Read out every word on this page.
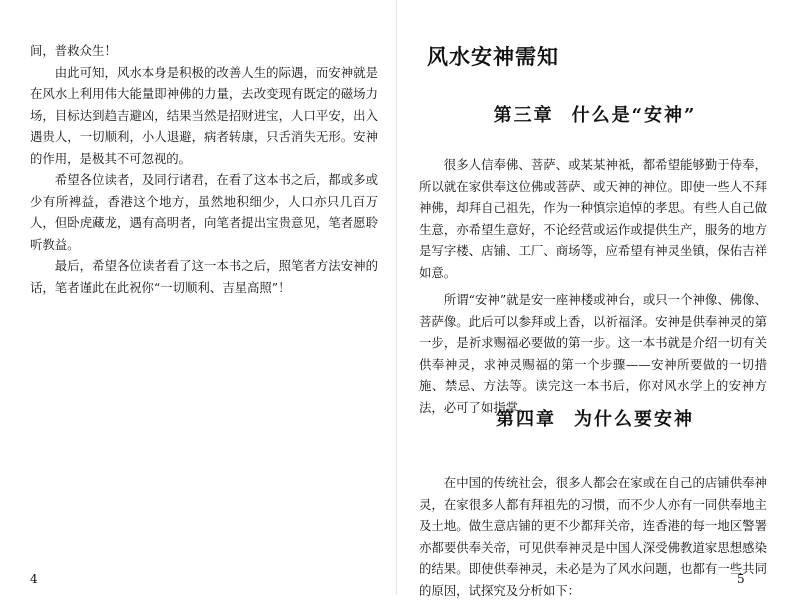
间，普救众生！

由此可知，风水本身是积极的改善人生的际遇，而安神就是在风水上利用伟大能量即神佛的力量，去改变现有既定的磁场力场，目标达到趋吉避凶，结果当然是招财进宝，人口平安，出入遇贵人，一切顺利，小人退避，病者转康，只舌消失无形。安神的作用，是极其不可忽视的。

希望各位读者，及同行诸君，在看了这本书之后，都或多或少有所裨益，香港这个地方，虽然地积细少，人口亦只几百万人，但卧虎藏龙，遇有高明者，向笔者提出宝贵意见，笔者愿聆听教益。

最后，希望各位读者看了这一本书之后，照笔者方法安神的话，笔者谨此在此祝你“一切顺利、吉星高照”！

4
风水安神需知
第三章 什么是“安神”

很多人信奉佛、菩萨、或某某神祗，都希望能够勤于侍奉，所以就在家供奉这位佛或菩萨、或天神的神位。即使一些人不拜神佛，却拜自己祖先，作为一种慎宗追悼的孝思。有些人自己做生意，亦希望生意好，不论经营或运作或提供生产，服务的地方是写字楼、店铺、工厂、商场等，应希望有神灵坐镇，保佑吉祥如意。

所谓“安神”就是安一座神楼或神台，或只一个神像、佛像、菩萨像。此后可以参拜或上香，以祈福泽。安神是供奉神灵的第一步，是祈求赐福必要做的第一步。这一本书就是介绍一切有关供奉神灵，求神灵赐福的第一个步骤——安神所要做的一切措施、禁忌、方法等。读完这一本书后，你对风水学上的安神方法，必可了如指掌。

第四章 为什么要安神

在中国的传统社会，很多人都会在家或在自己的店铺供奉神灵，在家很多人都有拜祖先的习惯，而不少人亦有一同供奉地主及土地。做生意店铺的更不少都拜关帝，连香港的每一地区警署亦都要供奉关帝，可见供奉神灵是中国人深受佛教道家思想感染的结果。即使供奉神灵，未必是为了风水问题，也都有一些共同的原因，试探究及分析如下：

5
